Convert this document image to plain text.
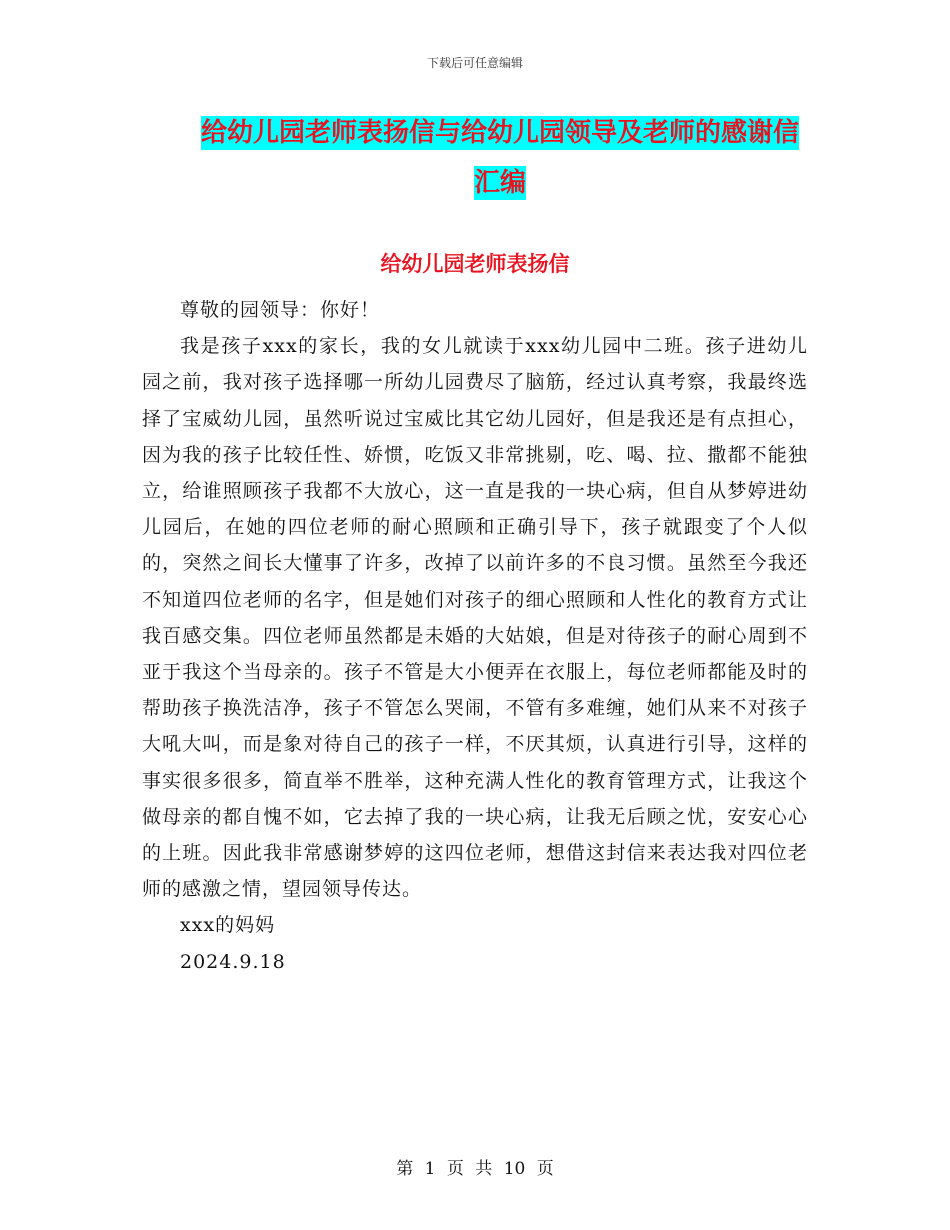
下载后可任意编辑
给幼儿园老师表扬信与给幼儿园领导及老师的感谢信
汇编
给幼儿园老师表扬信

尊敬的园领导：你好！

我是孩子xxx的家长，我的女儿就读于xxx幼儿园中二班。孩子进幼儿园之前，我对孩子选择哪一所幼儿园费尽了脑筋，经过认真考察，我最终选择了宝威幼儿园，虽然听说过宝威比其它幼儿园好，但是我还是有点担心，因为我的孩子比较任性、娇惯，吃饭又非常挑剔，吃、喝、拉、撒都不能独立，给谁照顾孩子我都不大放心，这一直是我的一块心病，但自从梦婷进幼儿园后，在她的四位老师的耐心照顾和正确引导下，孩子就跟变了个人似的，突然之间长大懂事了许多，改掉了以前许多的不良习惯。虽然至今我还不知道四位老师的名字，但是她们对孩子的细心照顾和人性化的教育方式让我百感交集。四位老师虽然都是未婚的大姑娘，但是对待孩子的耐心周到不亚于我这个当母亲的。孩子不管是大小便弄在衣服上，每位老师都能及时的帮助孩子换洗洁净，孩子不管怎么哭闹，不管有多难缠，她们从来不对孩子大吼大叫，而是象对待自己的孩子一样，不厌其烦，认真进行引导，这样的事实很多很多，简直举不胜举，这种充满人性化的教育管理方式，让我这个做母亲的都自愧不如，它去掉了我的一块心病，让我无后顾之忧，安安心心的上班。因此我非常感谢梦婷的这四位老师，想借这封信来表达我对四位老师的感激之情，望园领导传达。

xxx的妈妈

2024.9.18

第 1 页 共 10 页
